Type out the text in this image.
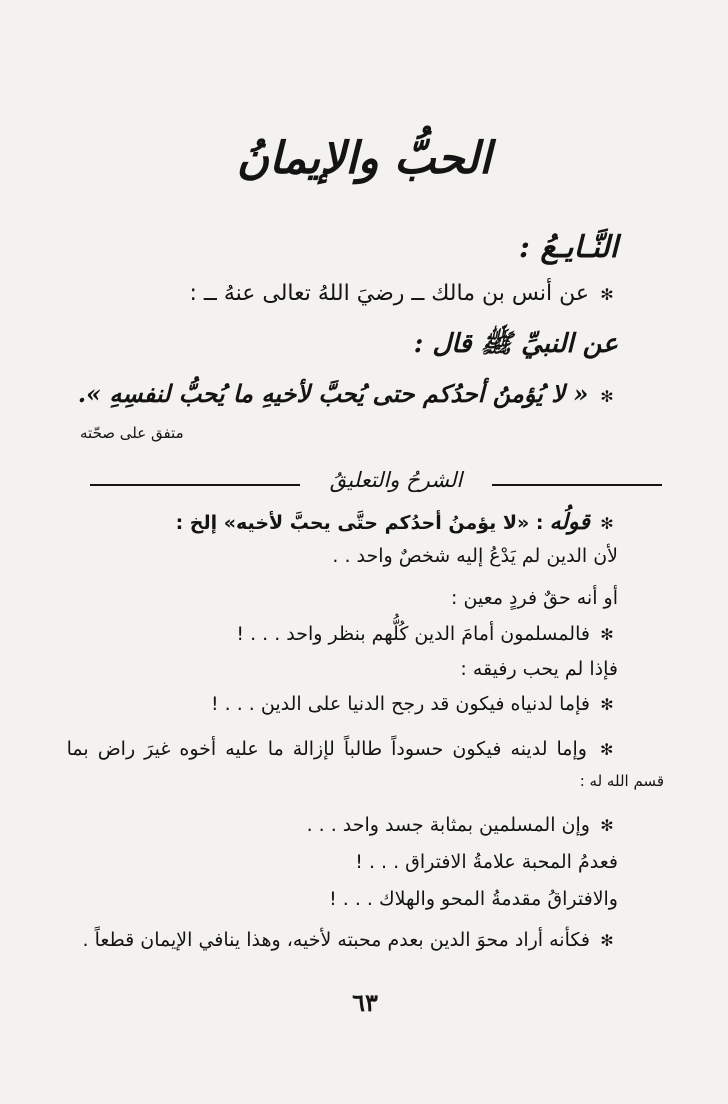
الحبُّ والإيمانُ
النَّـايـعُ :
✻ عن أنس بن مالك ــ رضيَ اللهُ تعالى عنهُ ــ :
عن النبيِّ ﷺ قال :
✻ « لا يُؤمنُ أحدُكم حتى يُحبَّ لأخيهِ ما يُحبُّ لنفسِهِ ».
متفق على صحّته
الشرحُ والتعليقُ
✻ قولُه : «لا يؤمنُ أحدُكم حتَّى يحبَّ لأخيه» إلخ :
لأن الدين لم يَدْعُ إليه شخصٌ واحد . .
أو أنه حقٌ فردٍ معين :
✻ فالمسلمون أمامَ الدين كُلُّهم بنظر واحد . . . !
فإذا لم يحب رفيقه :
✻ فإما لدنياه فيكون قد رجح الدنيا على الدين . . . !
✻ وإما لدينه فيكون حسوداً طالباً لإزالة ما عليه أخوه غيرَ راض بما
قسم الله له :
✻ وإن المسلمين بمثابة جسد واحد . . .
فعدمُ المحبة علامةُ الافتراق . . . !
والافتراقُ مقدمةُ المحو والهلاك . . . !
✻ فكأنه أراد محوَ الدين بعدم محبته لأخيه، وهذا ينافي الإيمان قطعاً .
٦٣
